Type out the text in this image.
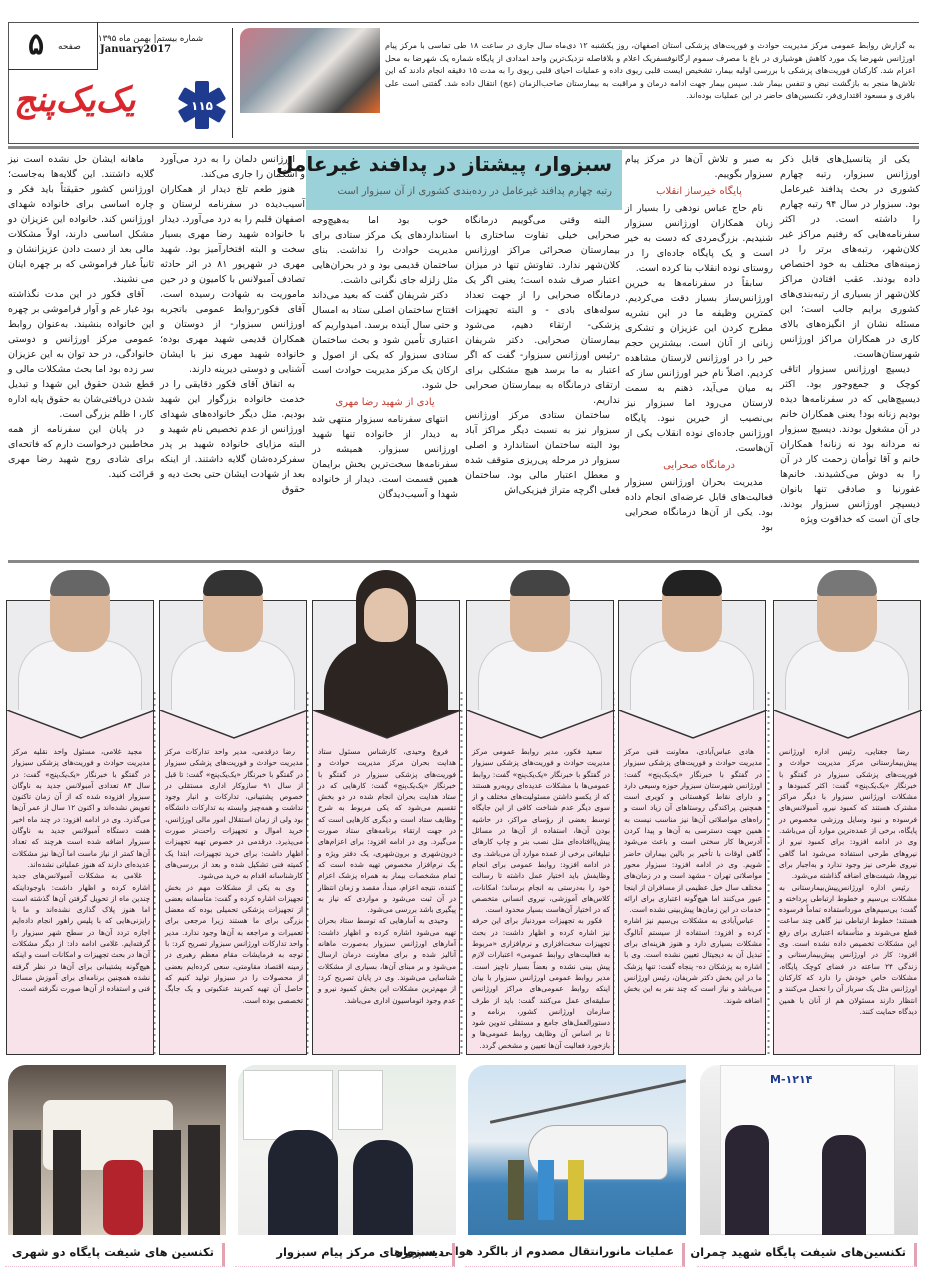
۵ صفحه
شماره بیستم| بهمن ماه ۱۳۹۵
January2017
یک‌یک‌پنج	۱۱۵
به گزارش روابط عمومی مرکز مدیریت حوادث و فوریت‌های پزشکی استان اصفهان، روز یکشنبه ۱۲ دی‌ماه سال جاری در ساعت ۱۸ طی تماسی با مرکز پیام اورژانس شهرضا یک مورد کاهش هوشیاری در باغ با مصرف سموم ارگانوفسفریک اعلام و بلافاصله نزدیک‌ترین واحد امدادی از پایگاه شماره یک شهرضا به محل اعزام شد. کارکنان فوریت‌های پزشکی با بررسی اولیه بیمار، تشخیص ایست قلبی ریوی داده و عملیات احیای قلبی ریوی را به مدت ۱۵ دقیقه انجام دادند که این تلاش‌ها منجر به بازگشت نبض و تنفس بیمار شد. سپس بیمار جهت ادامه درمان و مراقبت به بیمارستان صاحب‌الزمان (عج) انتقال داده شد. گفتنی است علی باقری و مسعود اقتداری‌فر، تکنسین‌های حاضر در این عملیات بوده‌اند.
سبزوار، پیشتاز در پدافند غیرعامل
رتبه چهارم پدافند غیرعامل در رده‌بندی کشوری از آن سبزوار است

یکی از پتانسیل‌های قابل ذکر اورژانس سبزوار، رتبه چهارم کشوری در بحث پدافند غیرعامل بود. سبزوار در سال ۹۴ رتبه چهارم را داشته است. در اکثر سفرنامه‌هایی که رفتیم مراکز غیر کلان‌شهر، رتبه‌های برتر را در زمینه‌های مختلف به خود اختصاص داده بودند. عقب افتادن مراکز کلان‌شهر از بسیاری از رتبه‌بندی‌های کشوری برایم جالب است؛ این مسئله نشان از انگیزه‌های بالای کاری در همکاران مراکز اورژانس شهرستان‌هاست.

دیسپچ اورژانس سبزوار اتاقی کوچک و جمع‌وجور بود. اکثر دیسپچ‌هایی که در سفرنامه‌ها دیده بودیم زنانه بود! یعنی همکاران خانم در آن مشغول بودند. دیسپچ سبزوار نه مردانه بود نه زنانه! همکاران خانم و آقا توأمان زحمت کار در آن را به دوش می‌کشیدند. خانم‌ها غفورنیا و صادقی تنها بانوان دیسپچر اورژانس سبزوار بودند. جای آن است که خداقوت ویژه

به صبر و تلاش آن‌ها در مرکز پیام سبزوار بگوییم.
پایگاه خیرساز انقلاب

نام حاج عباس نودهی را بسیار از زبان همکاران اورژانس سبزوار شنیدیم. بزرگ‌مردی که دست به خیر است و یک پایگاه جاده‌ای را در روستای نوده انقلاب بنا کرده است.

سابقاً در سفرنامه‌ها به خیرین اورژانس‌ساز بسیار دقت می‌کردیم. کمترین وظیفه ما در این نشریه مطرح کردن این عزیزان و تشکری زبانی از آنان است. بیشترین حجم خیر را در اورژانس لارستان مشاهده کردیم. اصلاً نام خیر اورژانس ساز که به میان می‌آید، ذهنم به سمت لارستان می‌رود اما سبزوار نیز بی‌نصیب از خیرین نبود. پایگاه اورژانس جاده‌ای نوده انقلاب یکی از آن‌هاست.

درمانگاه صحرایی

مدیریت بحران اورژانس سبزوار فعالیت‌های قابل عرضه‌ای انجام داده بود. یکی از آن‌ها درمانگاه صحرایی بود

البته وقتی می‌گوییم درمانگاه صحرایی خیلی تفاوت ساختاری با بیمارستان صحرائی مراکز اورژانس کلان‌شهر ندارد. تفاوتش تنها در میزان اعتبار صرف شده است؛ یعنی اگر یک درمانگاه صحرایی را از جهت تعداد سوله‌های بادی - و البته تجهیزات پزشکی- ارتقاء دهیم، می‌شود بیمارستان صحرایی. دکتر شریفان -رئیس اورژانس سبزوار- گفت که اگر اعتبار به ما برسد هیچ مشکلی برای ارتقای درمانگاه به بیمارستان صحرایی نداریم.

ساختمان ستادی مرکز اورژانس سبزوار نیز به نسبت دیگر مراکز آباد بود البته ساختمان استاندارد و اصلی سبزوار در مرحله پی‌ریزی متوقف شده و معطل اعتبار مالی بود. ساختمان فعلی اگرچه متراژ فیزیکی‌اش

خوب بود اما به‌هیچ‌وجه استانداردهای یک مرکز ستادی برای مدیریت حوادث را نداشت. بنای ساختمان قدیمی بود و در بحران‌هایی مثل زلزله جای نگرانی داشت.

دکتر شریفان گفت که بعید می‌داند افتتاح ساختمان اصلی ستاد به امسال و حتی سال آینده برسد. امیدواریم که اعتباری تأمین شود و بحث ساختمان ستادی سبزوار که یکی از اصول و ارکان یک مرکز مدیریت حوادث است حل شود.

یادی از شهید رضا مهری

انتهای سفرنامه سبزوار منتهی شد به دیدار از خانواده تنها شهید اورژانس سبزوار. همیشه در سفرنامه‌ها سخت‌ترین بخش برایمان همین قسمت است. دیدار از خانواده شهدا و آسیب‌دیدگان

اورژانس دلمان را به درد می‌آورد و اشکمان را جاری می‌کند.

هنوز طعم تلخ دیدار از همکاران آسیب‌دیده در سفرنامه لرستان و اصفهان قلبم را به درد می‌آورد. دیدار با خانواده شهید رضا مهری بسیار سخت و البته افتخارآمیز بود. شهید مهری در شهریور ۸۱ در اثر حادثه تصادف آمبولانس با کامیون و در حین ماموریت به شهادت رسیده است. آقای فکور-روابط عمومی باتجربه اورژانس سبزوار- از دوستان و همکاران قدیمی شهید مهری بوده؛ خانواده شهید مهری نیز با ایشان آشنایی و دوستی دیرینه دارند.

به اتفاق آقای فکور دقایقی را در خدمت خانواده بزرگوار این شهید بودیم. مثل دیگر خانواده‌های شهدای اورژانس از عدم تخصیص نام شهید و البته مزایای خانواده شهید بر پدر سفرکرده‌شان گلایه داشتند. از اینکه بعد از شهادت ایشان حتی بحث دیه و حقوق

ماهانه ایشان حل نشده است نیز گلایه داشتند. این گلایه‌ها به‌جاست؛ اورژانس کشور حقیقتاً باید فکر و چاره اساسی برای خانواده شهدای اورژانس کند. خانواده این عزیزان دو مشکل اساسی دارند، اولاً مشکلات مالی بعد از دست دادن عزیزانشان و ثانیاً غبار فراموشی که بر چهره اینان می نشیند.

آقای فکور در این مدت نگذاشته بود غبار غم و آوار فراموشی بر چهره این خانواده بنشیند. به‌عنوان روابط عمومی مرکز اورژانس و دوستی خانوادگی، در حد توان به این عزیزان سر زده بود اما بحث مشکلات مالی و قطع شدن حقوق این شهدا و تبدیل شدن دریافتی‌شان به حقوق پایه اداره کار، ا ظلم بزرگی است.

در پایان این سفرنامه از همه مخاطبین درخواست دارم که فاتحه‌ای برای شادی روح شهید رضا مهری قرائت کنید.

رضا جغتایی، رئیس اداره اورژانس پیش‌بیمارستانی مرکز مدیریت حوادث و فوریت‌های پزشکی سبزوار در گفتگو با خبرنگار «یک‌یک‌پنج» گفت: اکثر کمبودها و مشکلات اورژانس سبزوار با دیگر مراکز مشترک هستند که کمبود نیرو، آمبولانس‌های فرسوده و نبود وسایل ورزشی مخصوص در پایگاه، برخی از عمده‌ترین موارد آن می‌باشد. وی در ادامه افزود: برای کمبود نیرو از نیروهای طرحی استفاده می‌شود اما گاهی نیروی طرحی نیز وجود ندارد و به‌اجبار برای نیروها، شیفت‌های اضافه گذاشته می‌شود.

رئیس اداره اورژانس‌پیش‌بیمارستانی به مشکلات بی‌سیم و خطوط ارتباطی پرداخته و گفت: بی‌سیم‌های مورداستفاده تماماً فرسوده هستند؛ خطوط ارتباطی نیز گاهی چند ساعت قطع می‌شوند و متأسفانه اعتباری برای رفع این مشکلات تخصیص داده نشده است. وی افزود: کار در اورژانس پیش‌بیمارستانی و زندگی ۲۴ ساعته در فضای کوچک پایگاه، مشکلات خاص خودش را دارد که کارکنان اورژانس مثل یک سرباز آن را تحمل می‌کنند و انتظار دارند مسئولان هم از آنان با همین دیدگاه حمایت کنند.

هادی عباس‌آبادی، معاونت فنی مرکز مدیریت حوادث و فوریت‌های پزشکی سبزوار در گفتگو با خبرنگار «یک‌یک‌پنج» گفت: اورژانس شهرستان سبزوار حوزه وسیعی دارد و دارای نقاط کوهستانی و کویری است همچنین پراکندگی روستاهای آن زیاد است و راه‌های مواصلاتی آن‌ها نیز مناسب نیست به همین جهت دسترسی به آن‌ها و پیدا کردن آدرس‌ها کار سختی است و باعث می‌شود گاهی اوقات با تأخیر بر بالین بیماران حاضر شویم. وی در ادامه افزود: سبزوار محور مواصلاتی تهران - مشهد است و در زمان‌های مختلف سال خیل عظیمی از مسافران از اینجا عبور می‌کنند اما هیچ‌گونه اعتباری برای ارائه خدمات در این زمان‌ها پیش‌بینی نشده است.

عباس‌آبادی به مشکلات بی‌سیم نیز اشاره کرده و افزود: استفاده از سیستم آنالوگ مشکلات بسیاری دارد و هنوز هزینه‌ای برای تبدیل آن به دیجیتال تعیین نشده است. وی با اشاره به پزشکان ده- پنجاه گفت: تنها پزشک ما در این بخش دکتر شریفان، رئیس اورژانس می‌باشد و نیاز است که چند نفر به این بخش اضافه شوند.

سعید فکور، مدیر روابط عمومی مرکز مدیریت حوادث و فوریت‌های پزشکی سبزوار در گفتگو با خبرنگار «یک‌یک‌پنج» گفت: روابط عمومی‌ها با مشکلات عدیده‌ای روبه‌رو هستند که از یکسو داشتن مسئولیت‌های مختلف و از سوی دیگر عدم شناخت کافی از این جایگاه توسط بعضی از رؤسای مراکز، در حاشیه بودن آن‌ها، استفاده از آن‌ها در مسائل پیش‌پاافتاده‌ای مثل نصب بنر و چاپ کارهای تبلیغاتی برخی از عمده موارد آن می‌باشد. وی در ادامه افزود: روابط عمومی برای انجام وظایفش باید اختیار عمل داشته تا رسالت خود را به‌درستی به انجام برساند؛ امکانات، کلاس‌های آموزشی، نیروی انسانی متخصص که در اختیار آن‌هاست بسیار محدود است.

فکور به تجهیزات موردنیاز برای این حرفه نیز اشاره کرده و اظهار داشت: در بحث تجهیزات سخت‌افزاری و نرم‌افزاری «مربوط به فعالیت‌های روابط عمومی» اعتبارات لازم پیش بینی نشده و بعضاً بسیار ناچیز است. مدیر روابط عمومی اورژانس سبزوار با بیان اینکه روابط عمومی‌های مراکز اورژانس سلیقه‌ای عمل می‌کنند گفت: باید از طرف سازمان اورژانس کشور، برنامه و دستورالعمل‌های جامع و مستقلی تدوین شود تا بر اساس آن وظایف روابط عمومی‌ها و بازخورد فعالیت آن‌ها تعیین و مشخص گردد.

فروغ وحیدی، کارشناس مسئول ستاد هدایت بحران مرکز مدیریت حوادث و فوریت‌های پزشکی سبزوار در گفتگو با خبرنگار «یک‌یک‌پنج» گفت: کارهایی که در ستاد هدایت بحران انجام شده در دو بخش تقسیم می‌شود که یکی مربوط به شرح وظایف ستاد است و دیگری کارهایی است که در جهت ارتقاء برنامه‌های ستاد صورت می‌گیرد. وی در ادامه افزود: برای اعزام‌های درون‌شهری و برون‌شهری، یک دفتر ویژه و یک نرم‌افزار مخصوص تهیه شده است که تمام مشخصات بیمار به همراه پزشک اعزام کننده، نتیجه اعزام، مبدأ، مقصد و زمان انتظار در آن ثبت می‌شود و مواردی که نیاز به پیگیری باشد بررسی می‌شود.

وحیدی به آمارهایی که توسط ستاد بحران تهیه می‌شود اشاره کرده و اظهار داشت: آمارهای اورژانس سبزوار به‌صورت ماهانه آنالیز شده و برای معاونت درمان ارسال می‌شود و بر مبنای آن‌ها، بسیاری از مشکلات شناسایی می‌شوند. وی در پایان تصریح کرد: از مهم‌ترین مشکلات این بخش کمبود نیرو و عدم وجود اتوماسیون اداری می‌باشد.

رضا درقدمی، مدیر واحد تدارکات مرکز مدیریت حوادث و فوریت‌های پزشکی سبزوار در گفتگو با خبرنگار «یک‌یک‌پنج» گفت: تا قبل از سال ۹۱ سازوکار اداری مستقلی در خصوص پشتیبانی، تدارکات و انبار وجود نداشت و همه‌چیز وابسته به تدارکات دانشگاه بود ولی از زمان استقلال امور مالی اورژانس، خرید اموال و تجهیزات راحت‌تر صورت می‌پذیرد. درقدمی در خصوص تهیه تجهیزات اظهار داشت: برای خرید تجهیزات، ابتدا یک کمیته فنی تشکیل شده و بعد از بررسی‌های کارشناسانه اقدام به خرید می‌شود.

وی به یکی از مشکلات مهم در بخش تجهیزات اشاره کرده و گفت: متأسفانه بعضی از تجهیزات پزشکی تحمیلی بوده که معضل بزرگی برای ما هستند زیرا مرجعی برای تعمیرات و مراجعه به آن‌ها وجود ندارد. مدیر واحد تدارکات اورژانس سبزوار تصریح کرد: با توجه به فرمایشات مقام معظم رهبری در زمینه اقتصاد مقاومتی، سعی کرده‌ایم بعضی از محصولات را در سبزوار تولید کنیم که حاصل آن تهیه کمربند عنکبوتی و یک جابگ تخصصی بوده است.

مجید غلامی، مسئول واحد نقلیه مرکز مدیریت حوادث و فوریت‌های پزشکی سبزوار در گفتگو با خبرنگار «یک‌یک‌پنج» گفت: در سال ۸۳ تعدادی آمبولانس جدید به ناوگان سبزوار افزوده شده که از آن زمان تاکنون تعویض نشده‌اند و اکنون ۱۲ سال از عمر آن‌ها می‌گذرد. وی در ادامه افزود: در چند ماه اخیر هفت دستگاه آمبولانس جدید به ناوگان سبزوار اضافه شده است هرچند که تعداد آن‌ها کمتر از نیاز ماست اما آن‌ها نیز مشکلات عدیده‌ای دارند که هنوز عملیاتی نشده‌اند.

غلامی به مشکلات آمبولانس‌های جدید اشاره کرده و اظهار داشت: باوجوداینکه چندین ماه از تحویل گرفتن آن‌ها گذشته است اما هنوز پلاک گذاری نشده‌اند و ما با رایزنی‌هایی که با پلیس راهور انجام داده‌ایم اجازه تردد آن‌ها در سطح شهر سبزوار را گرفته‌ایم. غلامی ادامه داد: از دیگر مشکلات آن‌ها در بحث تجهیزات و امکانات است و اینکه هیچ‌گونه پشتیبانی برای آن‌ها در نظر گرفته نشده همچنین برنامه‌ای برای آموزش مسائل فنی و استفاده از آن‌ها صورت نگرفته است.

M-۱۲۱۴
تکنسین‌های شیفت پایگاه شهید چمران
عملیات مانورانتقال مصدوم از بالگرد هوایی سبزوار
دیسپچرهای مرکز پیام سبزوار
تکنسین های شیفت پایگاه دو شهری
